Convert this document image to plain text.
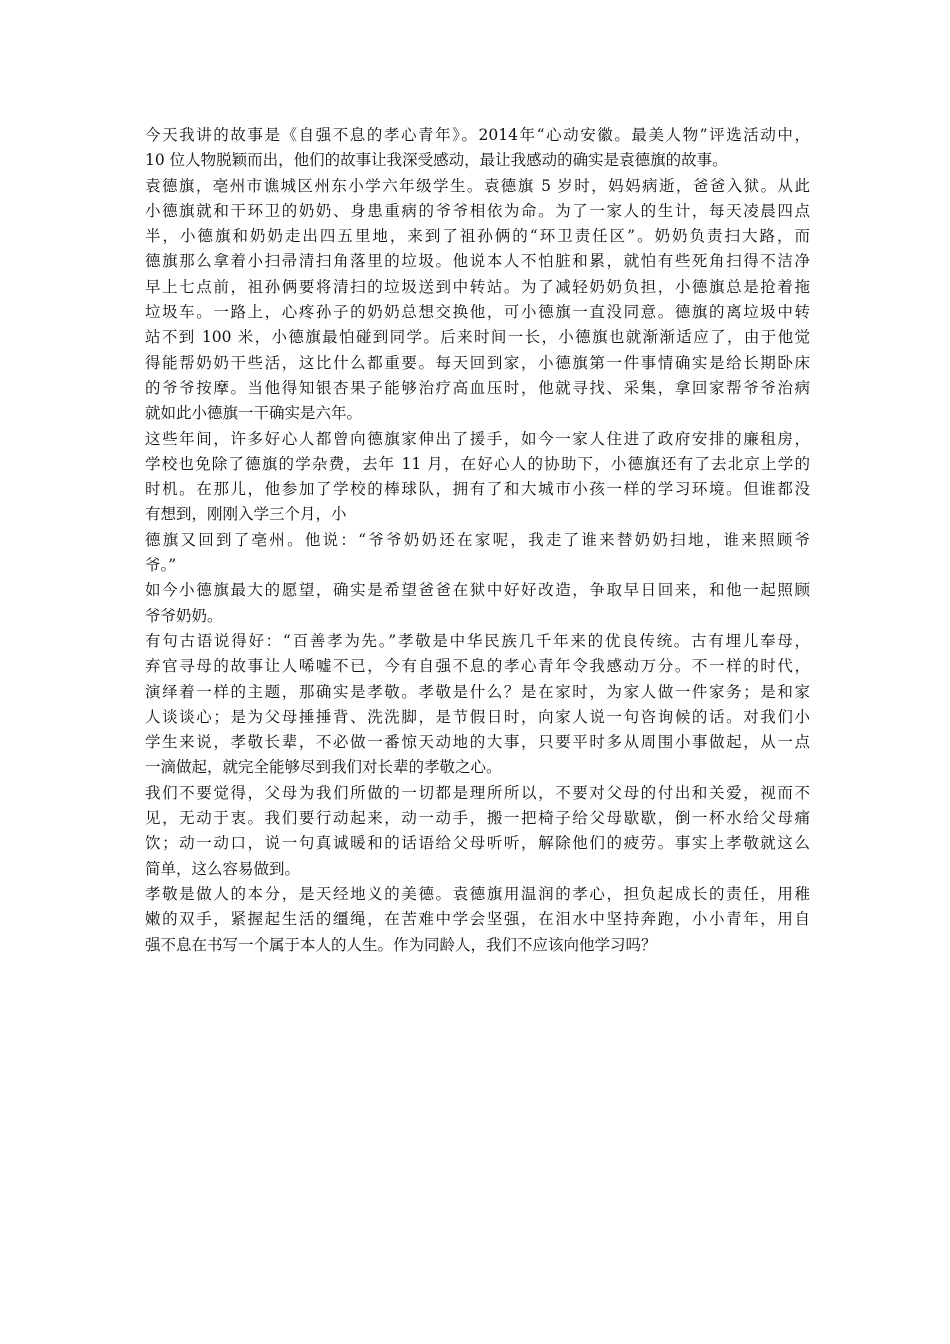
今天我讲的故事是《自强不息的孝心青年》。2014年“心动安徽。最美人物”评选活动中，
10 位人物脱颖而出，他们的故事让我深受感动，最让我感动的确实是袁德旗的故事。

袁德旗，亳州市谯城区州东小学六年级学生。袁德旗 5 岁时，妈妈病逝，爸爸入狱。从此
小德旗就和干环卫的奶奶、身患重病的爷爷相依为命。为了一家人的生计，每天凌晨四点
半，小德旗和奶奶走出四五里地，来到了祖孙俩的“环卫责任区”。奶奶负责扫大路，而
德旗那么拿着小扫帚清扫角落里的垃圾。他说本人不怕脏和累，就怕有些死角扫得不洁净
早上七点前，祖孙俩要将清扫的垃圾送到中转站。为了减轻奶奶负担，小德旗总是抢着拖
垃圾车。一路上，心疼孙子的奶奶总想交换他，可小德旗一直没同意。德旗的离垃圾中转
站不到 100 米，小德旗最怕碰到同学。后来时间一长，小德旗也就渐渐适应了，由于他觉
得能帮奶奶干些活，这比什么都重要。每天回到家，小德旗第一件事情确实是给长期卧床
的爷爷按摩。当他得知银杏果子能够治疗高血压时，他就寻找、采集，拿回家帮爷爷治病
就如此小德旗一干确实是六年。

这些年间，许多好心人都曾向德旗家伸出了援手，如今一家人住进了政府安排的廉租房，
学校也免除了德旗的学杂费，去年 11 月，在好心人的协助下，小德旗还有了去北京上学的
时机。在那儿，他参加了学校的棒球队，拥有了和大城市小孩一样的学习环境。但谁都没
有想到，刚刚入学三个月，小

德旗又回到了亳州。他说：“爷爷奶奶还在家呢，我走了谁来替奶奶扫地，谁来照顾爷
爷。”

如今小德旗最大的愿望，确实是希望爸爸在狱中好好改造，争取早日回来，和他一起照顾
爷爷奶奶。

有句古语说得好：“百善孝为先。”孝敬是中华民族几千年来的优良传统。古有埋儿奉母，
弃官寻母的故事让人唏嘘不已，今有自强不息的孝心青年令我感动万分。不一样的时代，
演绎着一样的主题，那确实是孝敬。孝敬是什么？是在家时，为家人做一件家务；是和家
人谈谈心；是为父母捶捶背、洗洗脚，是节假日时，向家人说一句咨询候的话。对我们小
学生来说，孝敬长辈，不必做一番惊天动地的大事，只要平时多从周围小事做起，从一点
一滴做起，就完全能够尽到我们对长辈的孝敬之心。

我们不要觉得，父母为我们所做的一切都是理所所以，不要对父母的付出和关爱，视而不
见，无动于衷。我们要行动起来，动一动手，搬一把椅子给父母歇歇，倒一杯水给父母痛
饮；动一动口，说一句真诚暖和的话语给父母听听，解除他们的疲劳。事实上孝敬就这么
简单，这么容易做到。

孝敬是做人的本分，是天经地义的美德。袁德旗用温润的孝心，担负起成长的责任，用稚
嫩的双手，紧握起生活的缰绳，在苦难中学会坚强，在泪水中坚持奔跑，小小青年，用自
强不息在书写一个属于本人的人生。作为同龄人，我们不应该向他学习吗？
